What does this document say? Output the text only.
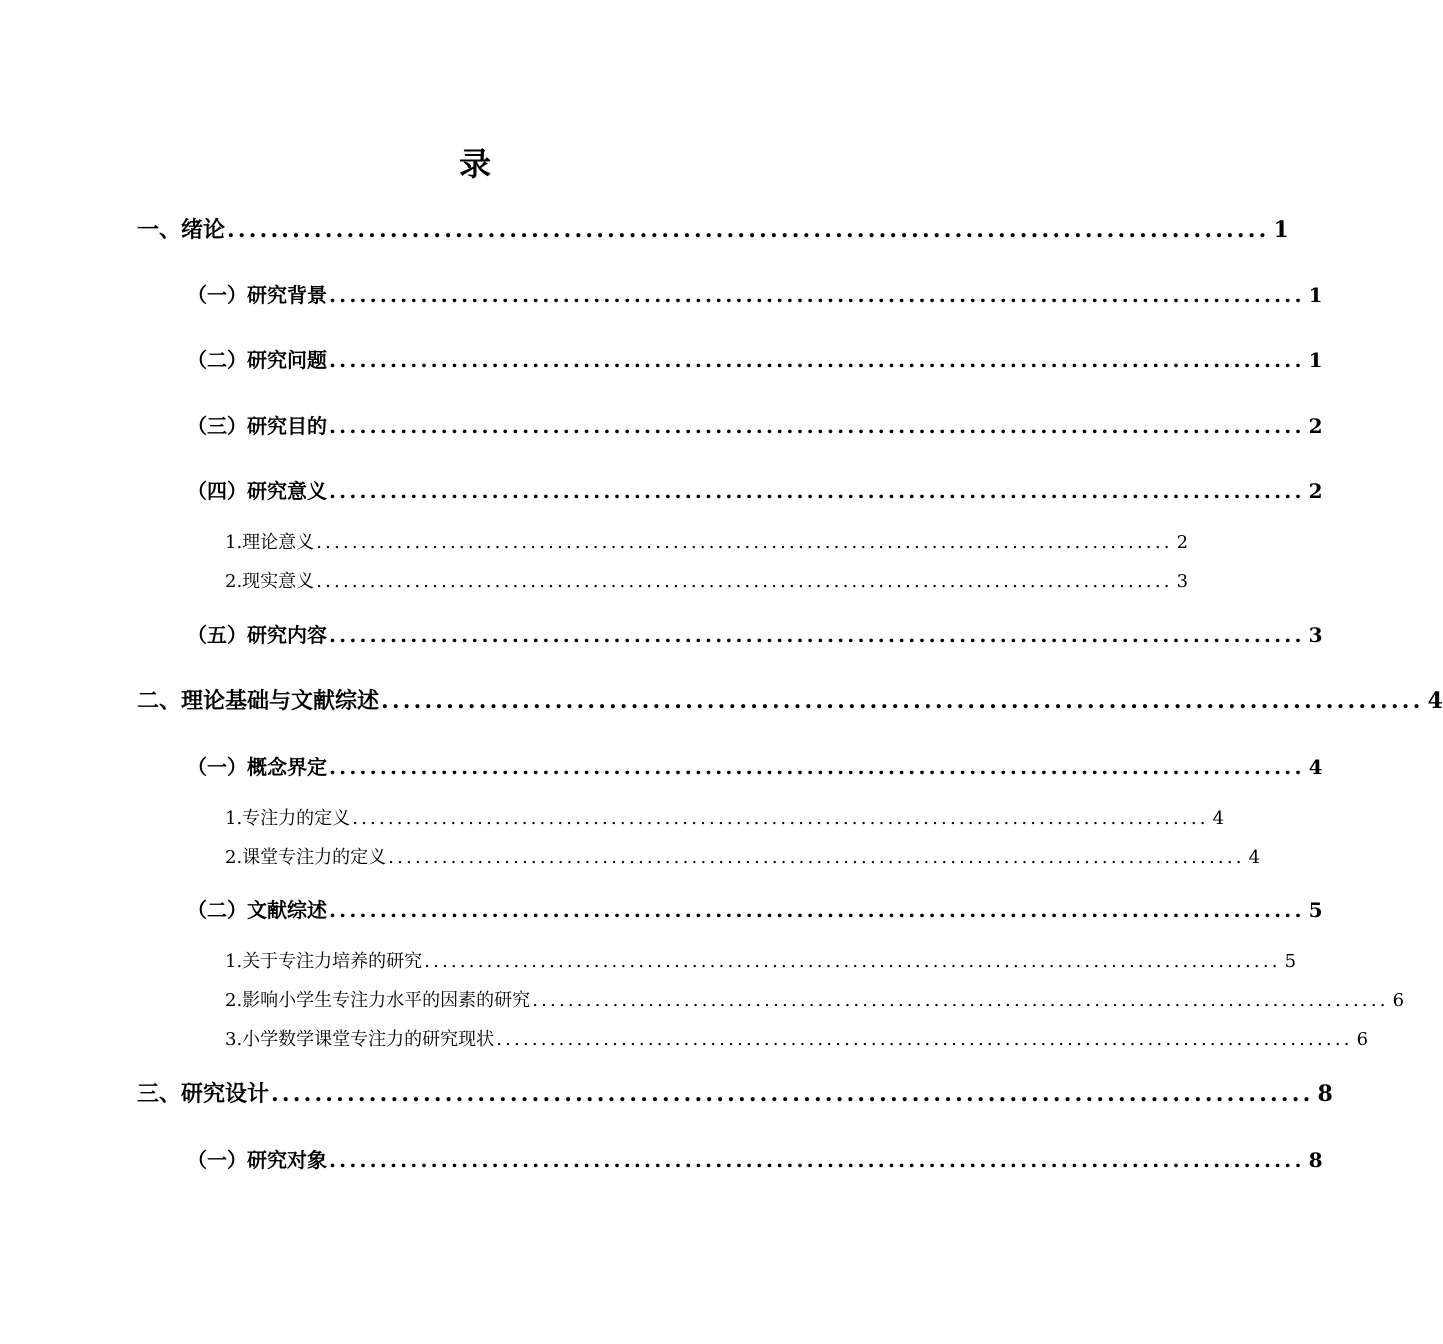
录
一、绪论 ................................................................................................ 1
（一）研究背景 ................................................................................................ 1
（二）研究问题 ................................................................................................ 1
（三）研究目的 ................................................................................................ 2
（四）研究意义 ................................................................................................ 2
1.理论意义 ................................................................................................ 2
2.现实意义 ................................................................................................ 3
（五）研究内容 ................................................................................................ 3
二、理论基础与文献综述 ................................................................................................ 4
（一）概念界定 ................................................................................................ 4
1.专注力的定义 ................................................................................................ 4
2.课堂专注力的定义 ................................................................................................ 4
（二）文献综述 ................................................................................................ 5
1.关于专注力培养的研究 ................................................................................................ 5
2.影响小学生专注力水平的因素的研究 ................................................................................................ 6
3.小学数学课堂专注力的研究现状 ................................................................................................ 6
三、研究设计 ................................................................................................ 8
（一）研究对象 ................................................................................................ 8
